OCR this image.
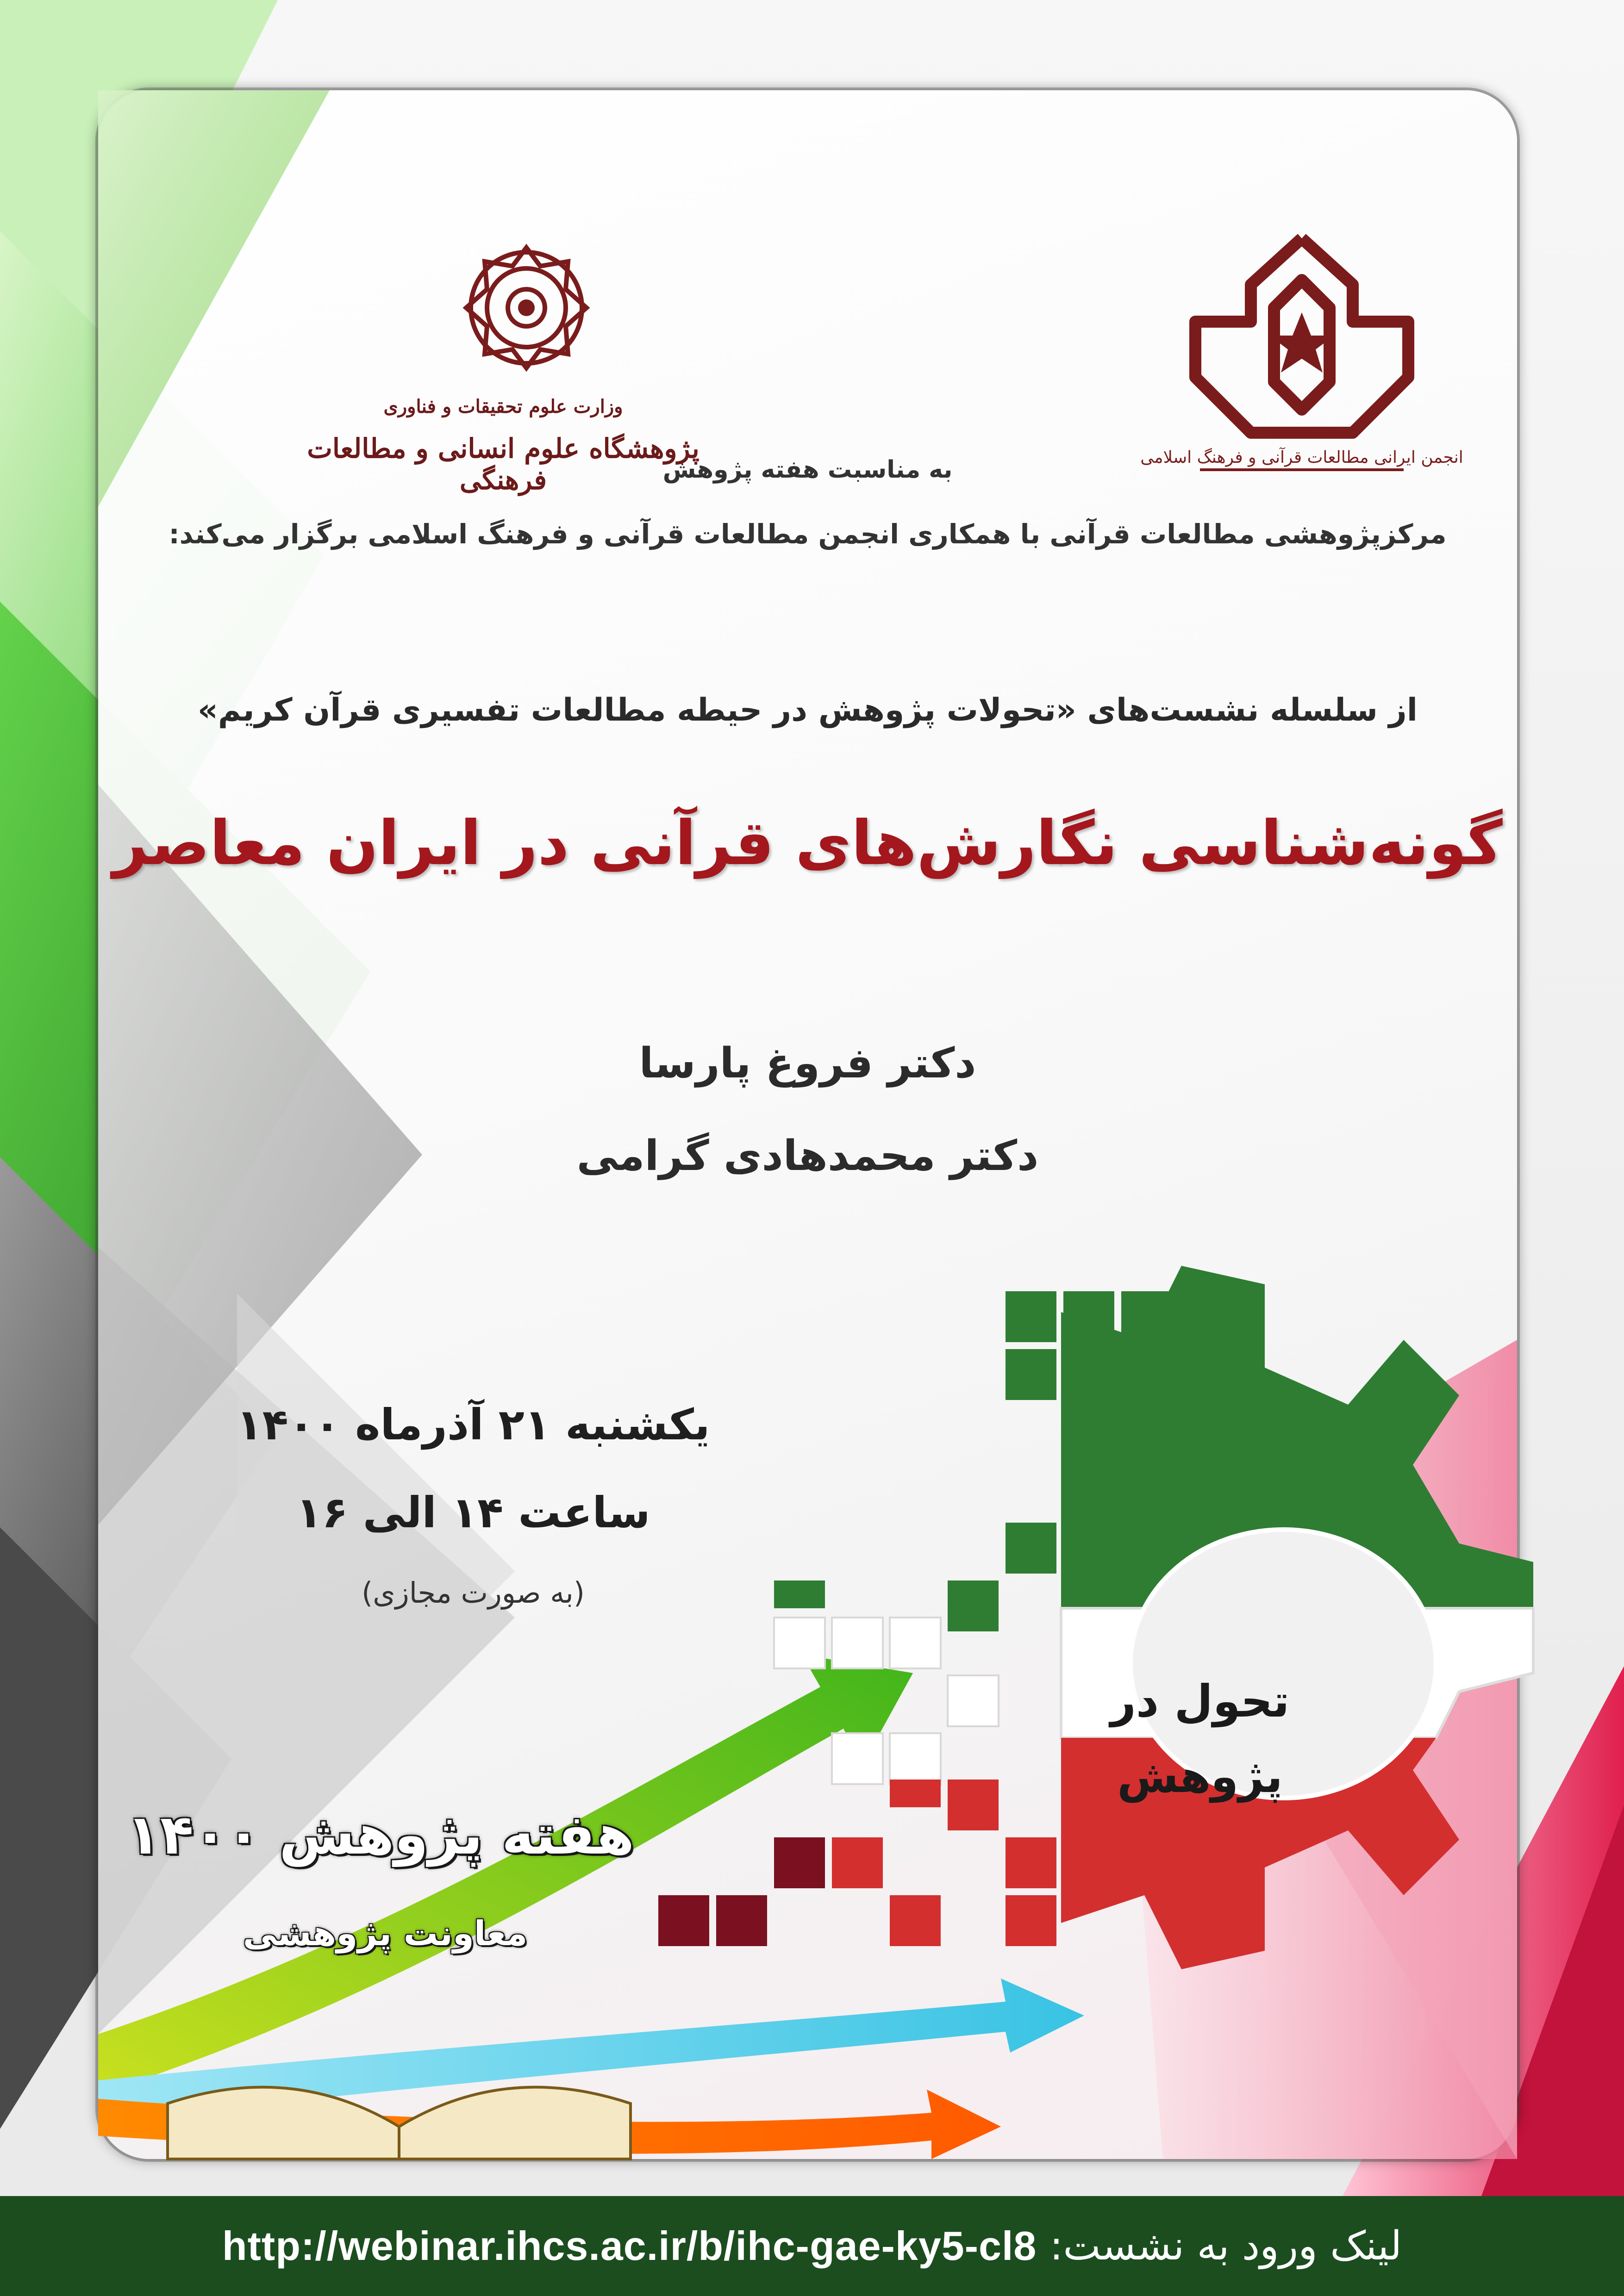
انجمن ایرانی مطالعات قرآنی و فرهنگ اسلامی
وزارت علوم تحقیقات و فناوری
پژوهشگاه علوم انسانی و مطالعات فرهنگی	به مناسبت هفته پژوهش
مرکزپژوهشی مطالعات قرآنی با همکاری انجمن مطالعات قرآنی و فرهنگ اسلامی برگزار می‌کند:
از سلسله نشست‌های «تحولات پژوهش در حیطه مطالعات تفسیری قرآن کریم»
گونه‌شناسی نگارش‌های قرآنی در ایران معاصر
دکتر فروغ پارسا
دکتر محمدهادی گرامی
یکشنبه ۲۱ آذرماه ۱۴۰۰
ساعت ۱۴ الی ۱۶
(به صورت مجازی)
تحول در
پژوهش
هفته پژوهش ۱۴۰۰
معاونت پژوهشی
لینک ورود به نشست:
http://webinar.ihcs.ac.ir/b/ihc-gae-ky5-cl8
